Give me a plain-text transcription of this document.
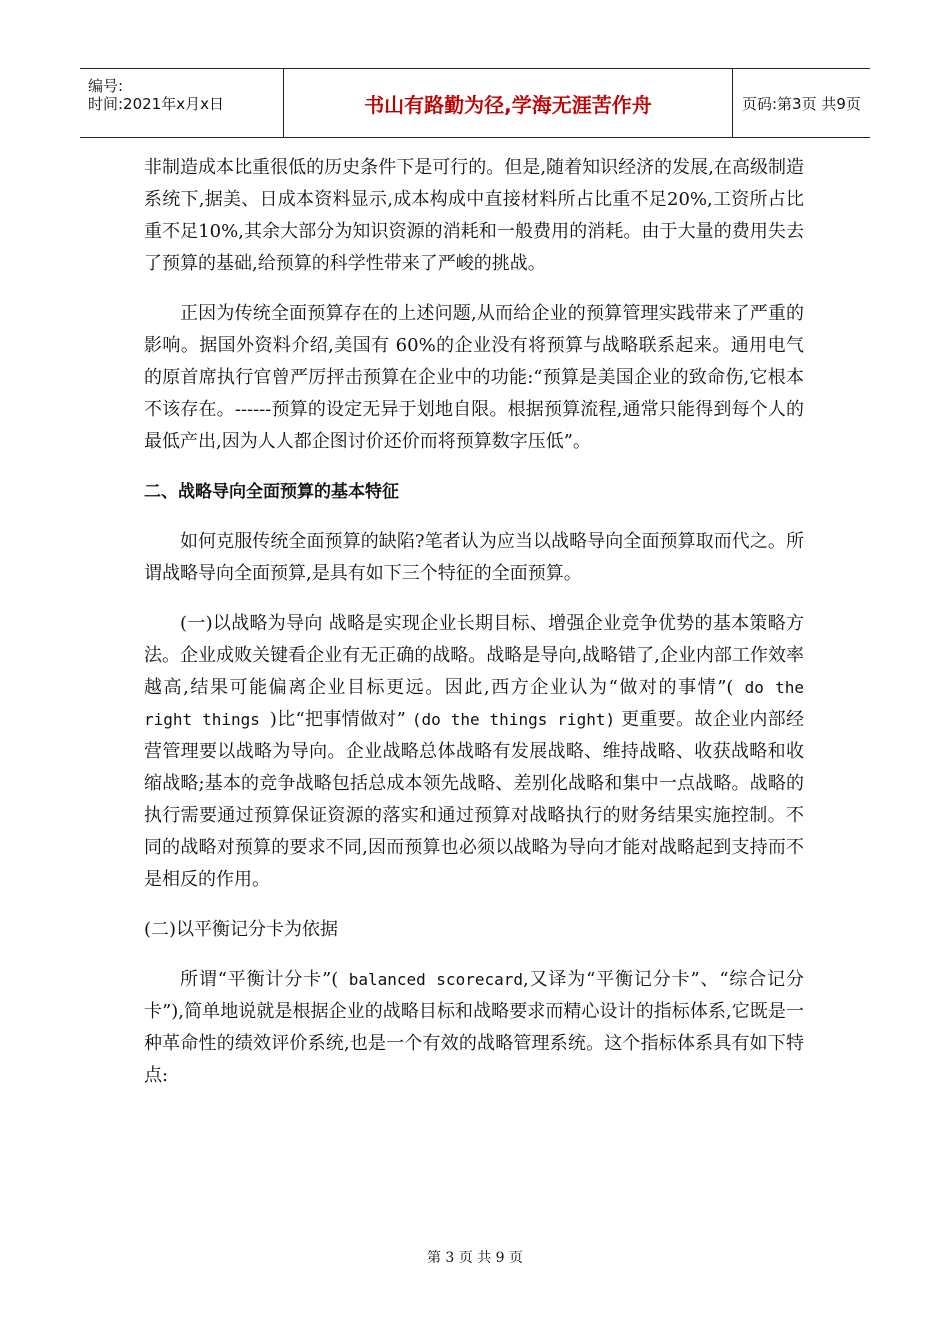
编号:
时间:2021年x月x日	书山有路勤为径,学海无涯苦作舟	页码:第3页 共9页

非制造成本比重很低的历史条件下是可行的。但是,随着知识经济的发展,在高级制造系统下,据美、日成本资料显示,成本构成中直接材料所占比重不足20%,工资所占比重不足10%,其余大部分为知识资源的消耗和一般费用的消耗。由于大量的费用失去了预算的基础,给预算的科学性带来了严峻的挑战。

正因为传统全面预算存在的上述问题,从而给企业的预算管理实践带来了严重的影响。据国外资料介绍,美国有 60%的企业没有将预算与战略联系起来。通用电气的原首席执行官曾严厉抨击预算在企业中的功能:“预算是美国企业的致命伤,它根本不该存在。------预算的设定无异于划地自限。根据预算流程,通常只能得到每个人的最低产出,因为人人都企图讨价还价而将预算数字压低”。

二、战略导向全面预算的基本特征

如何克服传统全面预算的缺陷?笔者认为应当以战略导向全面预算取而代之。所谓战略导向全面预算,是具有如下三个特征的全面预算。

(一)以战略为导向 战略是实现企业长期目标、增强企业竞争优势的基本策略方法。企业成败关键看企业有无正确的战略。战略是导向,战略错了,企业内部工作效率越高,结果可能偏离企业目标更远。因此,西方企业认为“做对的事情”( do the right things )比“把事情做对” (do the things right) 更重要。故企业内部经营管理要以战略为导向。企业战略总体战略有发展战略、维持战略、收获战略和收缩战略;基本的竞争战略包括总成本领先战略、差别化战略和集中一点战略。战略的执行需要通过预算保证资源的落实和通过预算对战略执行的财务结果实施控制。不同的战略对预算的要求不同,因而预算也必须以战略为导向才能对战略起到支持而不是相反的作用。

(二)以平衡记分卡为依据

所谓“平衡计分卡”( balanced scorecard,又译为“平衡记分卡”、“综合记分卡”),简单地说就是根据企业的战略目标和战略要求而精心设计的指标体系,它既是一种革命性的绩效评价系统,也是一个有效的战略管理系统。这个指标体系具有如下特点:

第 3 页 共 9 页
